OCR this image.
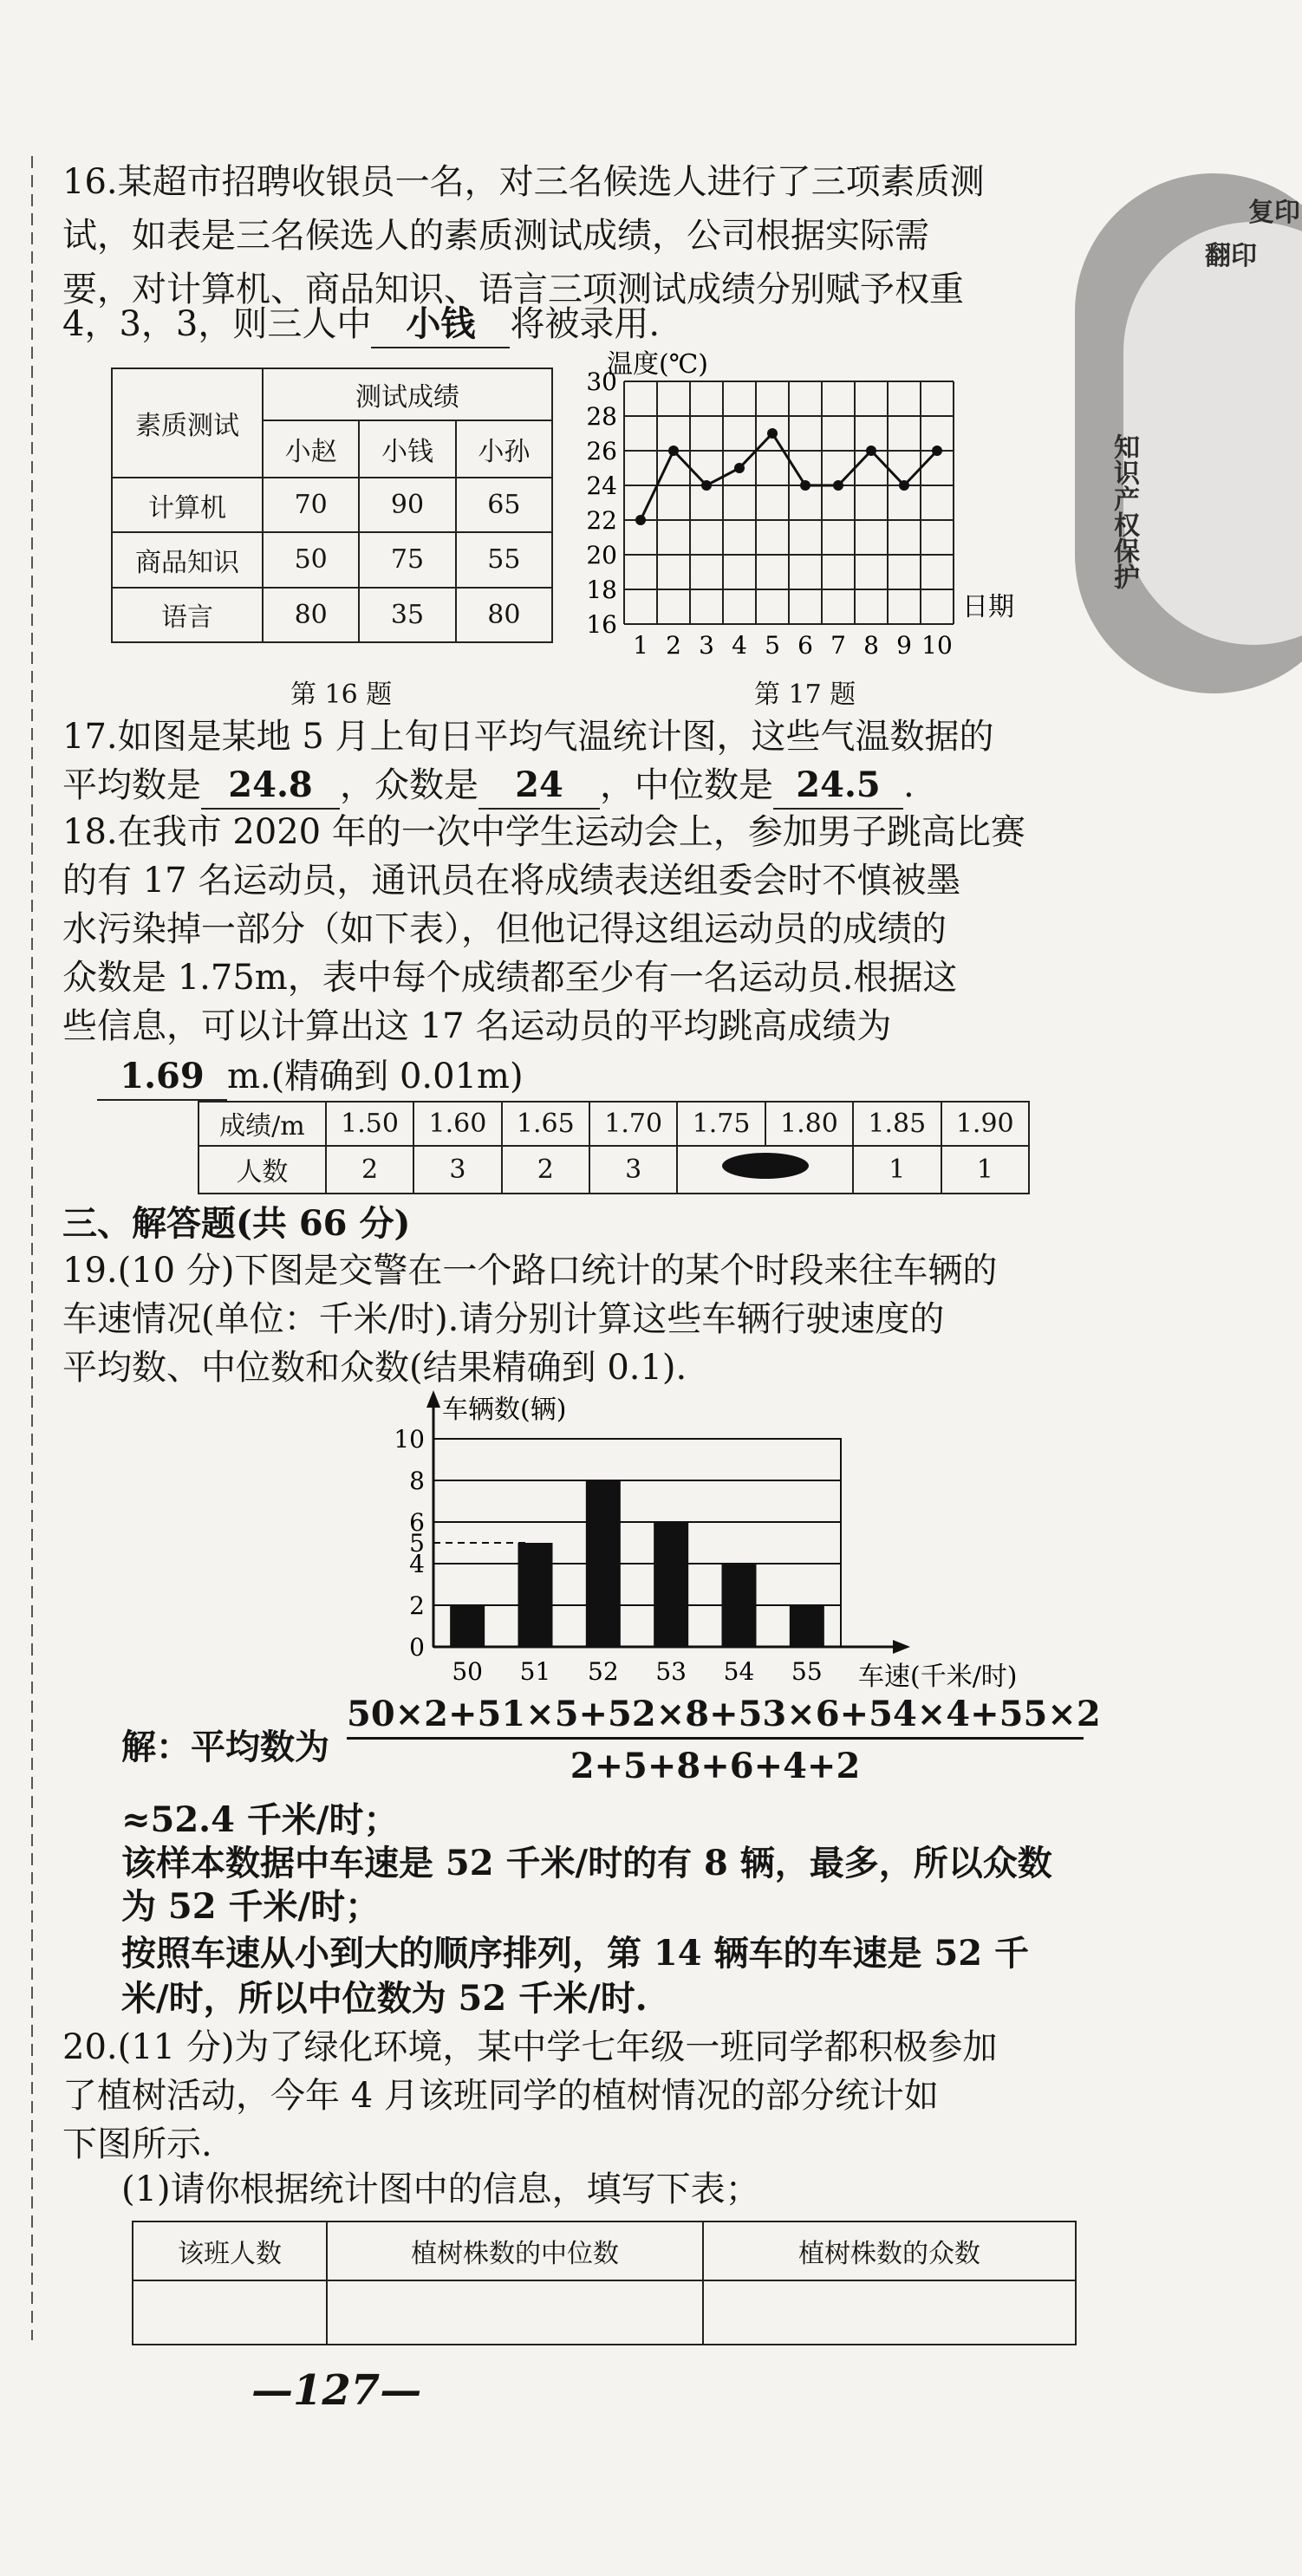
知识产权保护
翻印
复印
16.某超市招聘收银员一名，对三名候选人进行了三项素质测
试，如表是三名候选人的素质测试成绩，公司根据实际需
要，对计算机、商品知识、语言三项测试成绩分别赋予权重
4，3，3，则三人中 小钱 将被录用.
素质测试	测试成绩		
	小赵	小钱	小孙
计算机	70	90	65
商品知识	50	75	55
语言	80	35	80
第 16 题
16
18
20
22
24
26
28
30
1 2 3 4 5 6 7 8 9 10
温度(℃)
日期
第 17 题
17.如图是某地 5 月上旬日平均气温统计图，这些气温数据的
平均数是 24.8 ，众数是 24 ，中位数是 24.5 .
18.在我市 2020 年的一次中学生运动会上，参加男子跳高比赛
的有 17 名运动员，通讯员在将成绩表送组委会时不慎被墨
水污染掉一部分（如下表），但他记得这组运动员的成绩的
众数是 1.75m，表中每个成绩都至少有一名运动员.根据这
些信息，可以计算出这 17 名运动员的平均跳高成绩为
1.69 m.(精确到 0.01m)
成绩/m	1.50	1.60	1.65	1.70	1.75	1.80	1.85	1.90
人数	2	3	2	3			1	1
三、解答题(共 66 分)
19.(10 分)下图是交警在一个路口统计的某个时段来往车辆的
车速情况(单位：千米/时).请分别计算这些车辆行驶速度的
平均数、中位数和众数(结果精确到 0.1).
0
2
4
5
6
8
10
50 51 52 53 54 55
车辆数(辆)
车速(千米/时)
解：平均数为
50×2+51×5+52×8+53×6+54×4+55×2
2+5+8+6+4+2
≈52.4 千米/时；
该样本数据中车速是 52 千米/时的有 8 辆，最多，所以众数
为 52 千米/时；
按照车速从小到大的顺序排列，第 14 辆车的车速是 52 千
米/时，所以中位数为 52 千米/时.
20.(11 分)为了绿化环境，某中学七年级一班同学都积极参加
了植树活动，今年 4 月该班同学的植树情况的部分统计如
下图所示.
(1)请你根据统计图中的信息，填写下表；
该班人数	植树株数的中位数	植树株数的众数

—127—
